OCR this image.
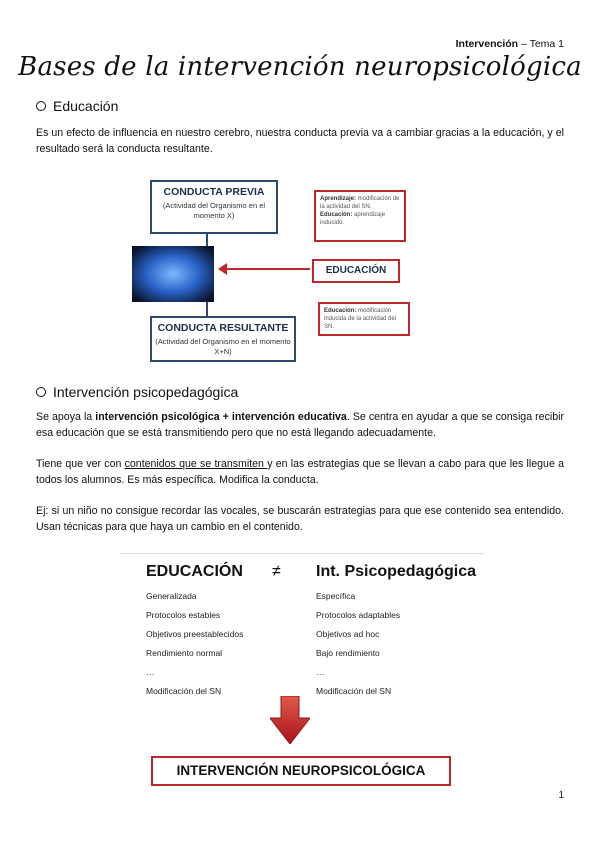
Intervención – Tema 1
Bases de la intervención neuropsicológica
Educación
Es un efecto de influencia en nuestro cerebro, nuestra conducta previa va a cambiar gracias a la educación, y el resultado será la conducta resultante.
CONDUCTA PREVIA
(Actividad del Organismo en el momento X)
CONDUCTA RESULTANTE
(Actividad del Organismo en el momento X+N)
Aprendizaje: modificación de la actividad del SN.
Educación: aprendizaje inducido.
EDUCACIÓN
Educación: modificación inducida de la actividad del SN.
Intervención psicopedagógica
Se apoya la intervención psicológica + intervención educativa. Se centra en ayudar a que se consiga recibir esa educación que se está transmitiendo pero que no está llegando adecuadamente.
Tiene que ver con contenidos que se transmiten y en las estrategias que se llevan a cabo para que les llegue a todos los alumnos. Es más específica. Modifica la conducta.
Ej: si un niño no consigue recordar las vocales, se buscarán estrategias para que ese contenido sea entendido. Usan técnicas para que haya un cambio en el contenido.
EDUCACIÓN ≠ Int. Psicopedagógica
Generalizada
Protocolos estables
Objetivos preestablecidos
Rendimiento normal
…
Modificación del SN
Específica
Protocolos adaptables
Objetivos ad hoc
Bajo rendimiento
…
Modificación del SN
INTERVENCIÓN NEUROPSICOLÓGICA
1
